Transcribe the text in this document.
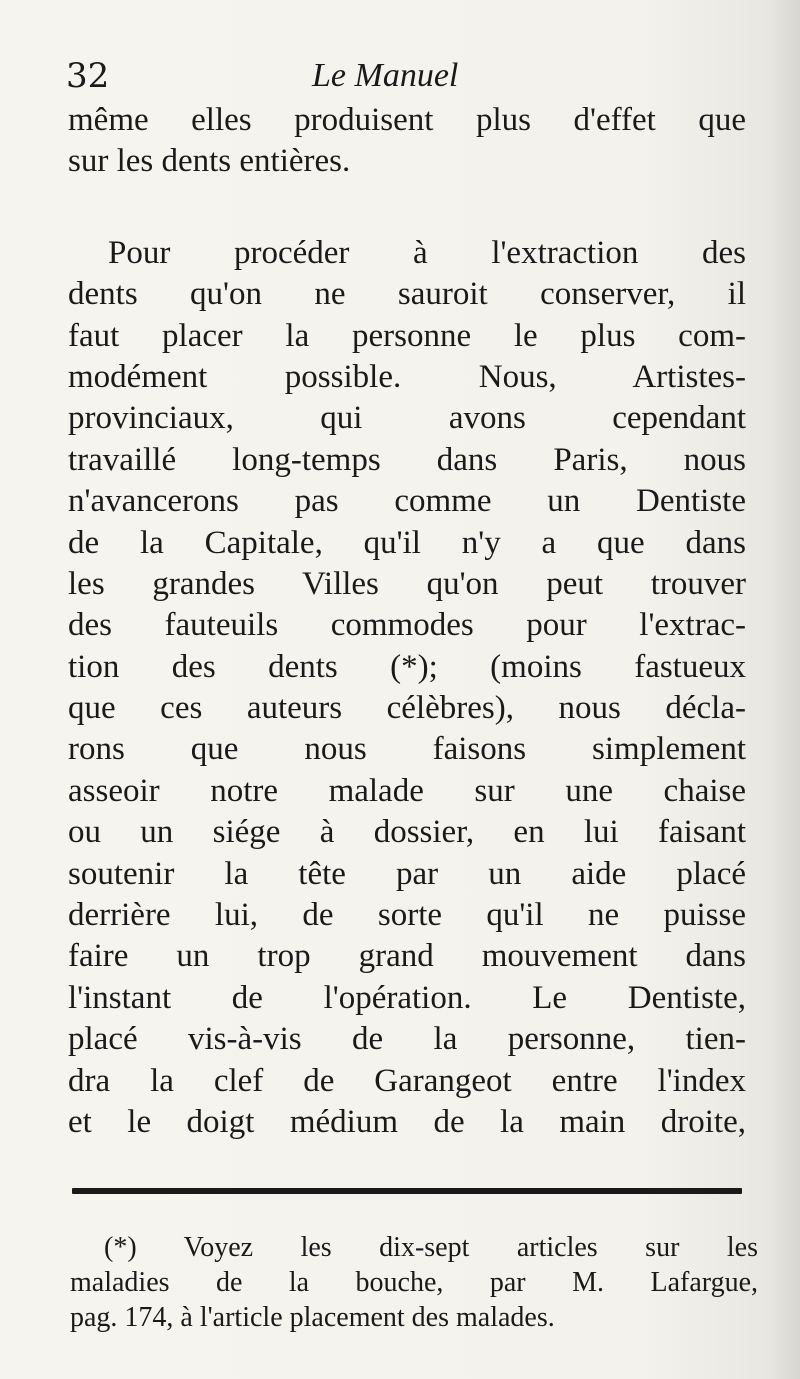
32	Le Manuel
même elles produisent plus d'effet que
sur les dents entières.
Pour procéder à l'extraction des
dents qu'on ne sauroit conserver, il
faut placer la personne le plus com-
modément possible. Nous, Artistes-
provinciaux, qui avons cependant
travaillé long-temps dans Paris, nous
n'avancerons pas comme un Dentiste
de la Capitale, qu'il n'y a que dans
les grandes Villes qu'on peut trouver
des fauteuils commodes pour l'extrac-
tion des dents (*); (moins fastueux
que ces auteurs célèbres), nous décla-
rons que nous faisons simplement
asseoir notre malade sur une chaise
ou un siége à dossier, en lui faisant
soutenir la tête par un aide placé
derrière lui, de sorte qu'il ne puisse
faire un trop grand mouvement dans
l'instant de l'opération. Le Dentiste,
placé vis-à-vis de la personne, tien-
dra la clef de Garangeot entre l'index
et le doigt médium de la main droite,
(*) Voyez les dix-sept articles sur les
maladies de la bouche, par M. Lafargue,
pag. 174, à l'article placement des malades.
